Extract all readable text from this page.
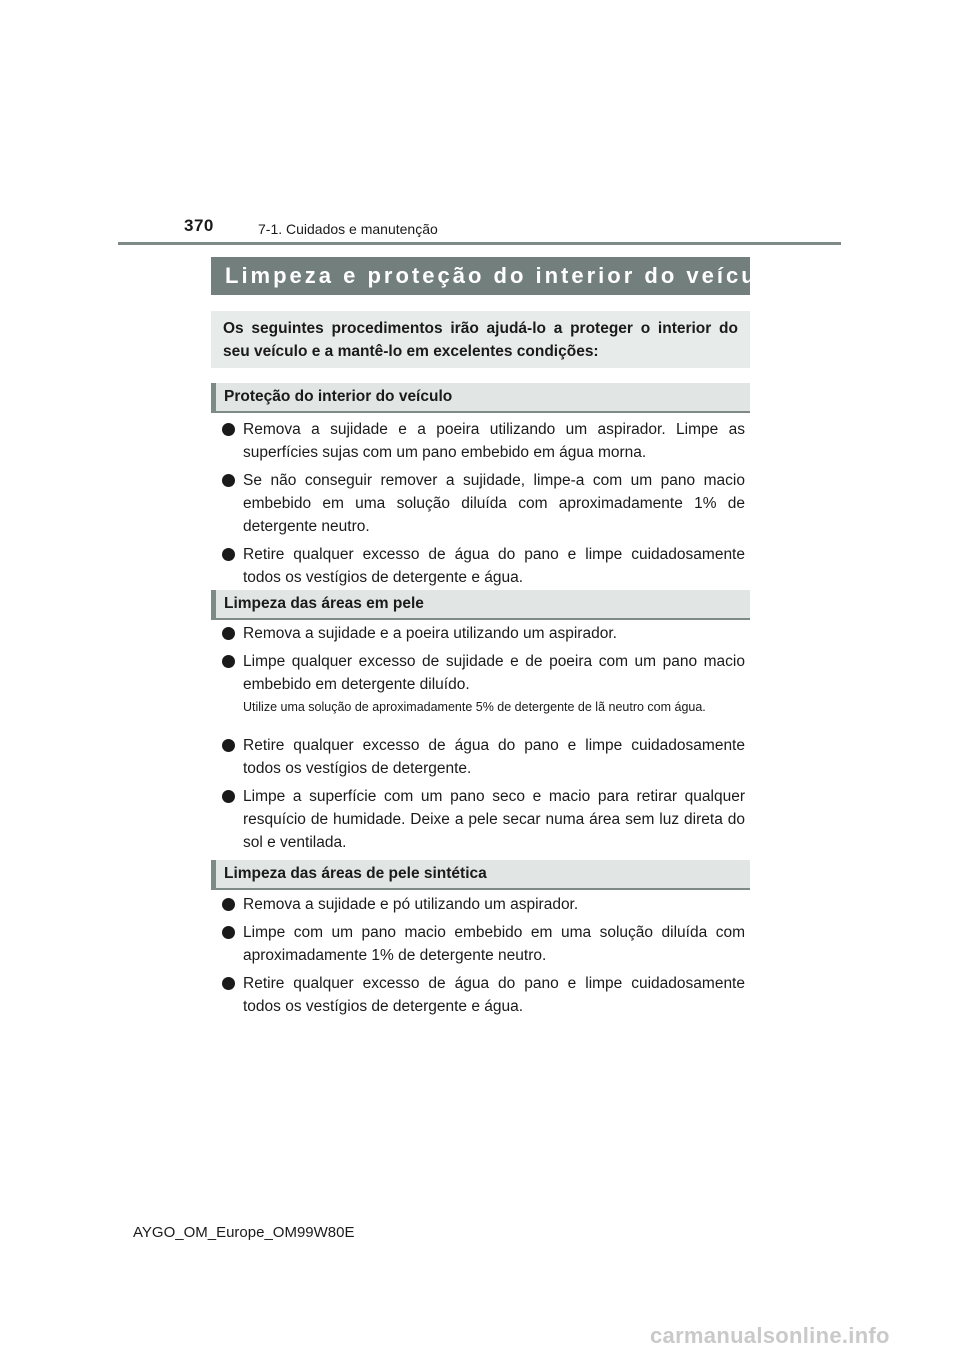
370	7-1. Cuidados e manutenção
Limpeza e proteção do interior do veículo
Os seguintes procedimentos irão ajudá-lo a proteger o interior do seu veículo e a mantê-lo em excelentes condições:
Proteção do interior do veículo
Remova a sujidade e a poeira utilizando um aspirador. Limpe as superfícies sujas com um pano embebido em água morna.
Se não conseguir remover a sujidade, limpe-a com um pano macio embebido em uma solução diluída com aproximadamente 1% de detergente neutro.
Retire qualquer excesso de água do pano e limpe cuidadosamente todos os vestígios de detergente e água.
Limpeza das áreas em pele
Remova a sujidade e a poeira utilizando um aspirador.
Limpe qualquer excesso de sujidade e de poeira com um pano macio embebido em detergente diluído.
Utilize uma solução de aproximadamente 5% de detergente de lã neutro com água.
Retire qualquer excesso de água do pano e limpe cuidadosamente todos os vestígios de detergente.
Limpe a superfície com um pano seco e macio para retirar qualquer resquício de humidade. Deixe a pele secar numa área sem luz direta do sol e ventilada.
Limpeza das áreas de pele sintética
Remova a sujidade e pó utilizando um aspirador.
Limpe com um pano macio embebido em uma solução diluída com aproximadamente 1% de detergente neutro.
Retire qualquer excesso de água do pano e limpe cuidadosamente todos os vestígios de detergente e água.
AYGO_OM_Europe_OM99W80E
carmanualsonline.info
